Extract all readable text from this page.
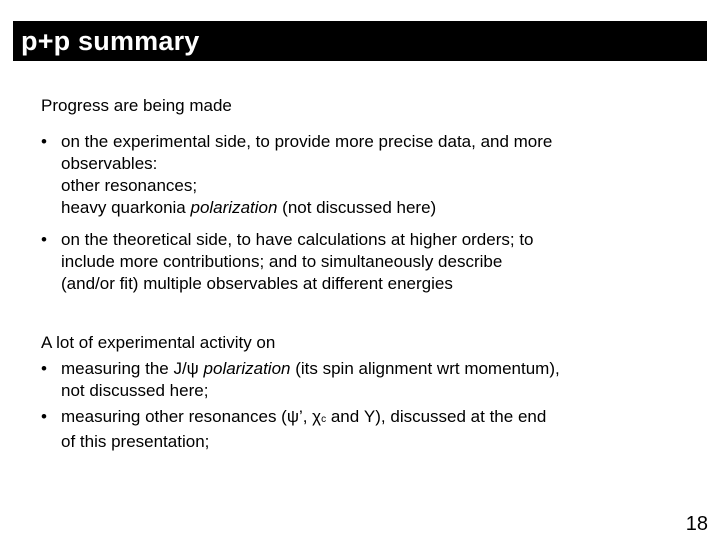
p+p summary

Progress are being made

• on the experimental side, to provide more precise data, and more
observables:
other resonances;
heavy quarkonia polarization (not discussed here)
• on the theoretical side, to have calculations at higher orders; to
include more contributions; and to simultaneously describe
(and/or fit) multiple observables at different energies

A lot of experimental activity on

• measuring the J/ψ polarization (its spin alignment wrt momentum),
not discussed here;
• measuring other resonances (ψ’, χc and Υ), discussed at the end
of this presentation;
18
